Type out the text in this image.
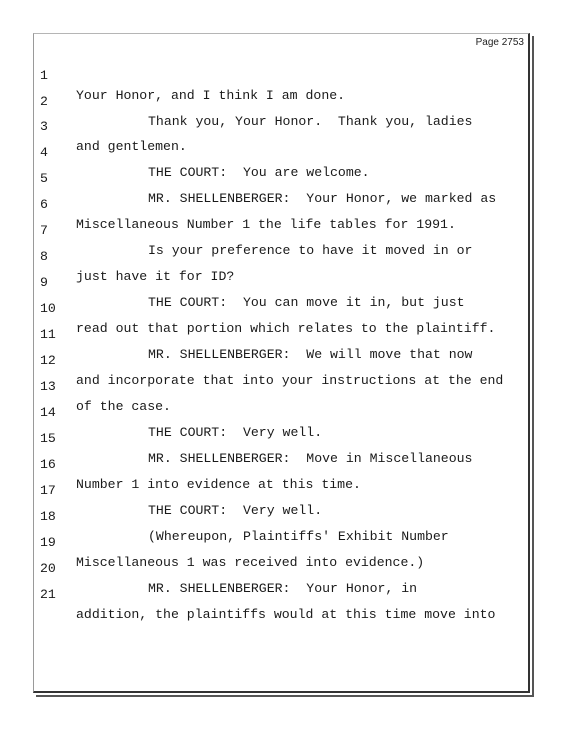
Page 2753

1

Your Honor, and I think I am done.

2

Thank you, Your Honor.  Thank you, ladies

3

and gentlemen.

4

THE COURT:  You are welcome.

5

MR. SHELLENBERGER:  Your Honor, we marked as

6

Miscellaneous Number 1 the life tables for 1991.

7

Is your preference to have it moved in or

8

just have it for ID?

9

THE COURT:  You can move it in, but just

10

read out that portion which relates to the plaintiff.

11

MR. SHELLENBERGER:  We will move that now

12

and incorporate that into your instructions at the end

13

of the case.

14

THE COURT:  Very well.

15

MR. SHELLENBERGER:  Move in Miscellaneous

16

Number 1 into evidence at this time.

17

THE COURT:  Very well.

18

(Whereupon, Plaintiffs' Exhibit Number

19

Miscellaneous 1 was received into evidence.)

20

MR. SHELLENBERGER:  Your Honor, in

21

addition, the plaintiffs would at this time move into
